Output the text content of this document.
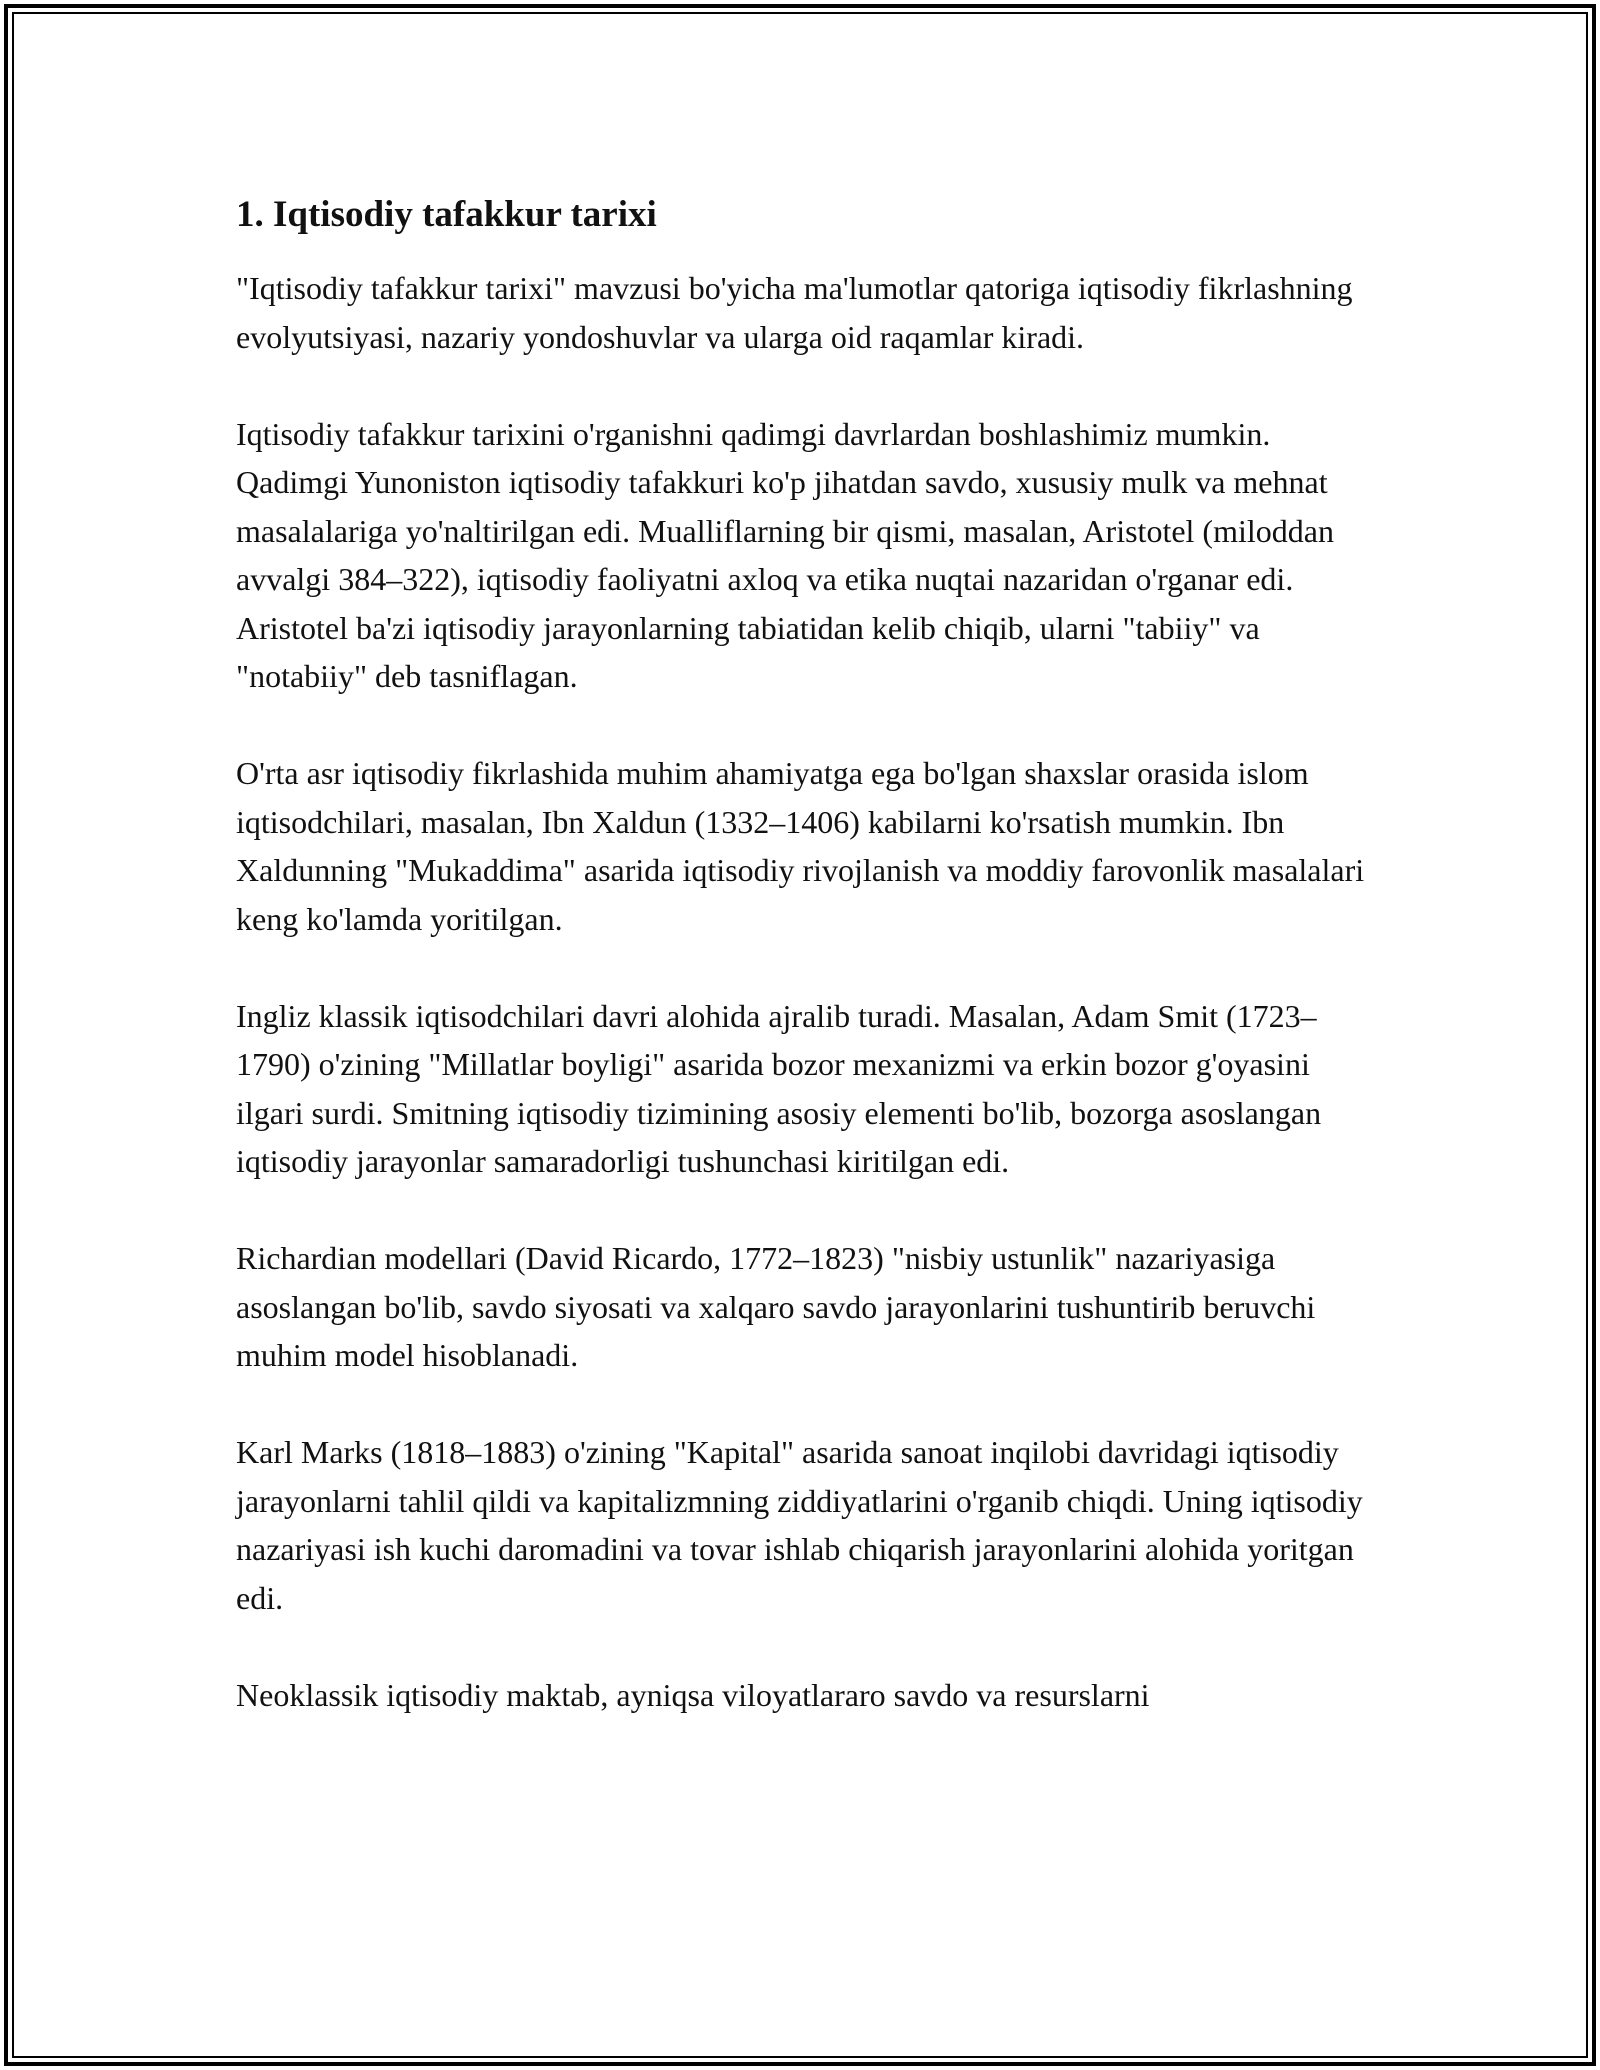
1. Iqtisodiy tafakkur tarixi

"Iqtisodiy tafakkur tarixi" mavzusi bo'yicha ma'lumotlar qatoriga iqtisodiy fikrlashning evolyutsiyasi, nazariy yondoshuvlar va ularga oid raqamlar kiradi.

Iqtisodiy tafakkur tarixini o'rganishni qadimgi davrlardan boshlashimiz mumkin. Qadimgi Yunoniston iqtisodiy tafakkuri ko'p jihatdan savdo, xususiy mulk va mehnat masalalariga yo'naltirilgan edi. Mualliflarning bir qismi, masalan, Aristotel (miloddan avvalgi 384–322), iqtisodiy faoliyatni axloq va etika nuqtai nazaridan o'rganar edi. Aristotel ba'zi iqtisodiy jarayonlarning tabiatidan kelib chiqib, ularni "tabiiy" va "notabiiy" deb tasniflagan.

O'rta asr iqtisodiy fikrlashida muhim ahamiyatga ega bo'lgan shaxslar orasida islom iqtisodchilari, masalan, Ibn Xaldun (1332–1406) kabilarni ko'rsatish mumkin. Ibn Xaldunning "Mukaddima" asarida iqtisodiy rivojlanish va moddiy farovonlik masalalari keng ko'lamda yoritilgan.

Ingliz klassik iqtisodchilari davri alohida ajralib turadi. Masalan, Adam Smit (1723–1790) o'zining "Millatlar boyligi" asarida bozor mexanizmi va erkin bozor g'oyasini ilgari surdi. Smitning iqtisodiy tizimining asosiy elementi bo'lib, bozorga asoslangan iqtisodiy jarayonlar samaradorligi tushunchasi kiritilgan edi.

Richardian modellari (David Ricardo, 1772–1823) "nisbiy ustunlik" nazariyasiga asoslangan bo'lib, savdo siyosati va xalqaro savdo jarayonlarini tushuntirib beruvchi muhim model hisoblanadi.

Karl Marks (1818–1883) o'zining "Kapital" asarida sanoat inqilobi davridagi iqtisodiy jarayonlarni tahlil qildi va kapitalizmning ziddiyatlarini o'rganib chiqdi. Uning iqtisodiy nazariyasi ish kuchi daromadini va tovar ishlab chiqarish jarayonlarini alohida yoritgan edi.

Neoklassik iqtisodiy maktab, ayniqsa viloyatlararo savdo va resurslarni
